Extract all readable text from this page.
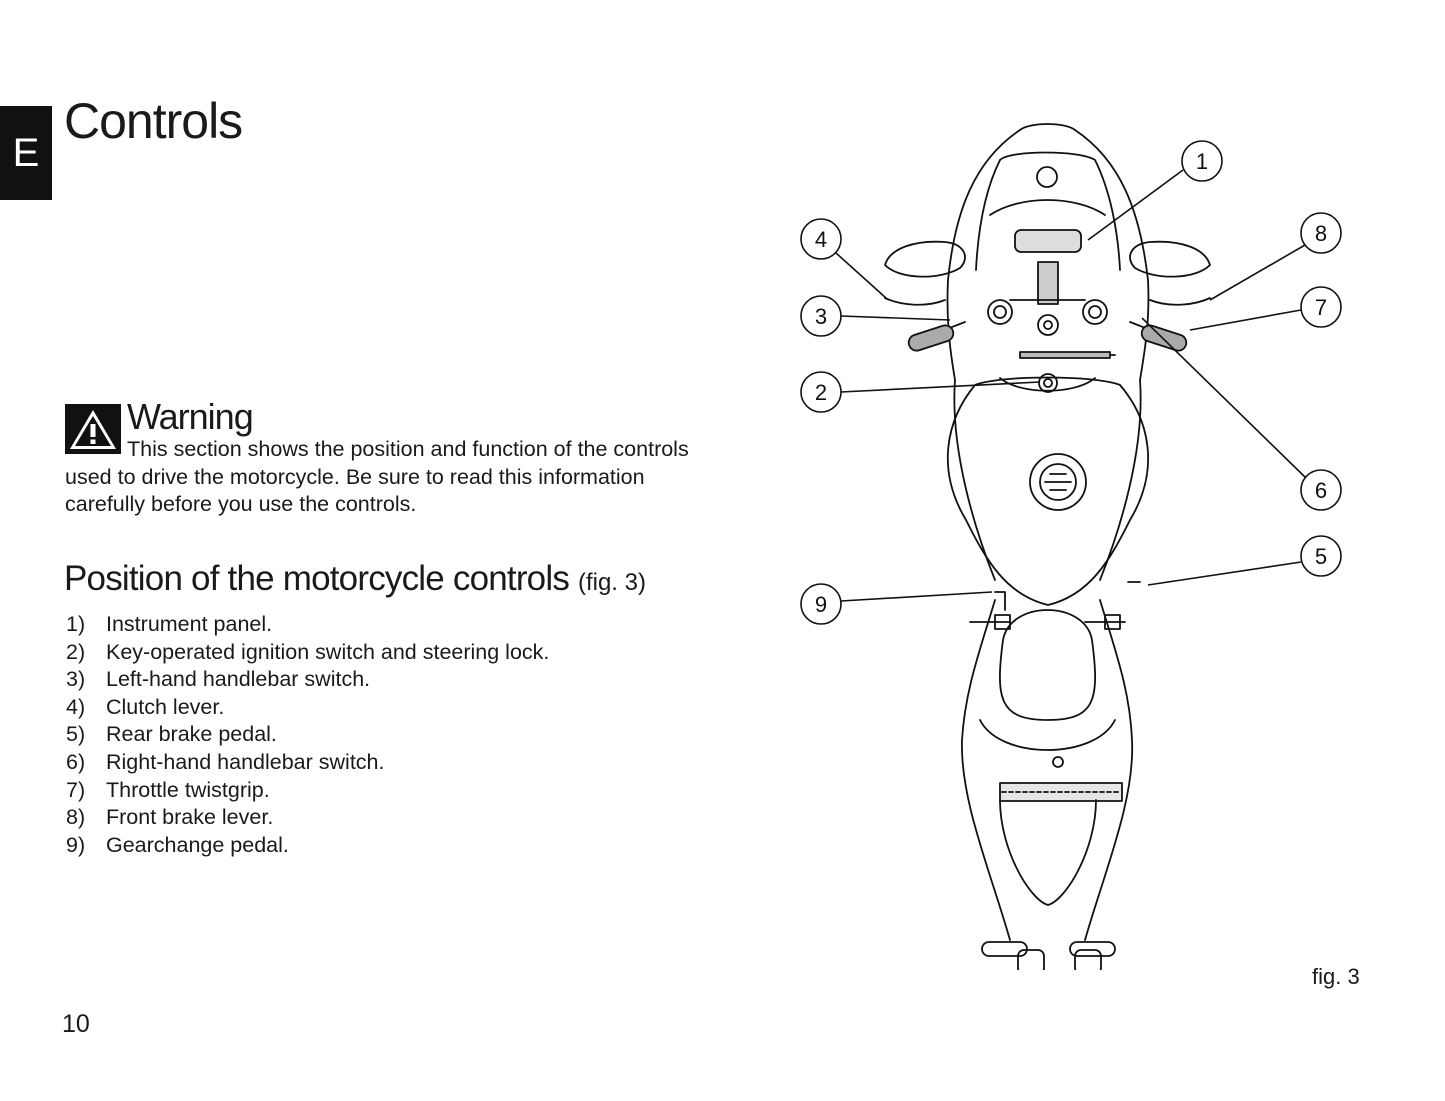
E
Controls
Warning

This section shows the position and function of the controls used to drive the motorcycle. Be sure to read this information carefully before you use the controls.

Position of the motorcycle controls (fig. 3)
1) Instrument panel.
2) Key-operated ignition switch and steering lock.
3) Left-hand handlebar switch.
4) Clutch lever.
5) Rear brake pedal.
6) Right-hand handlebar switch.
7) Throttle twistgrip.
8) Front brake lever.
9) Gearchange pedal.
1
2
3
4
5
6
7
8
9
fig. 3
10
